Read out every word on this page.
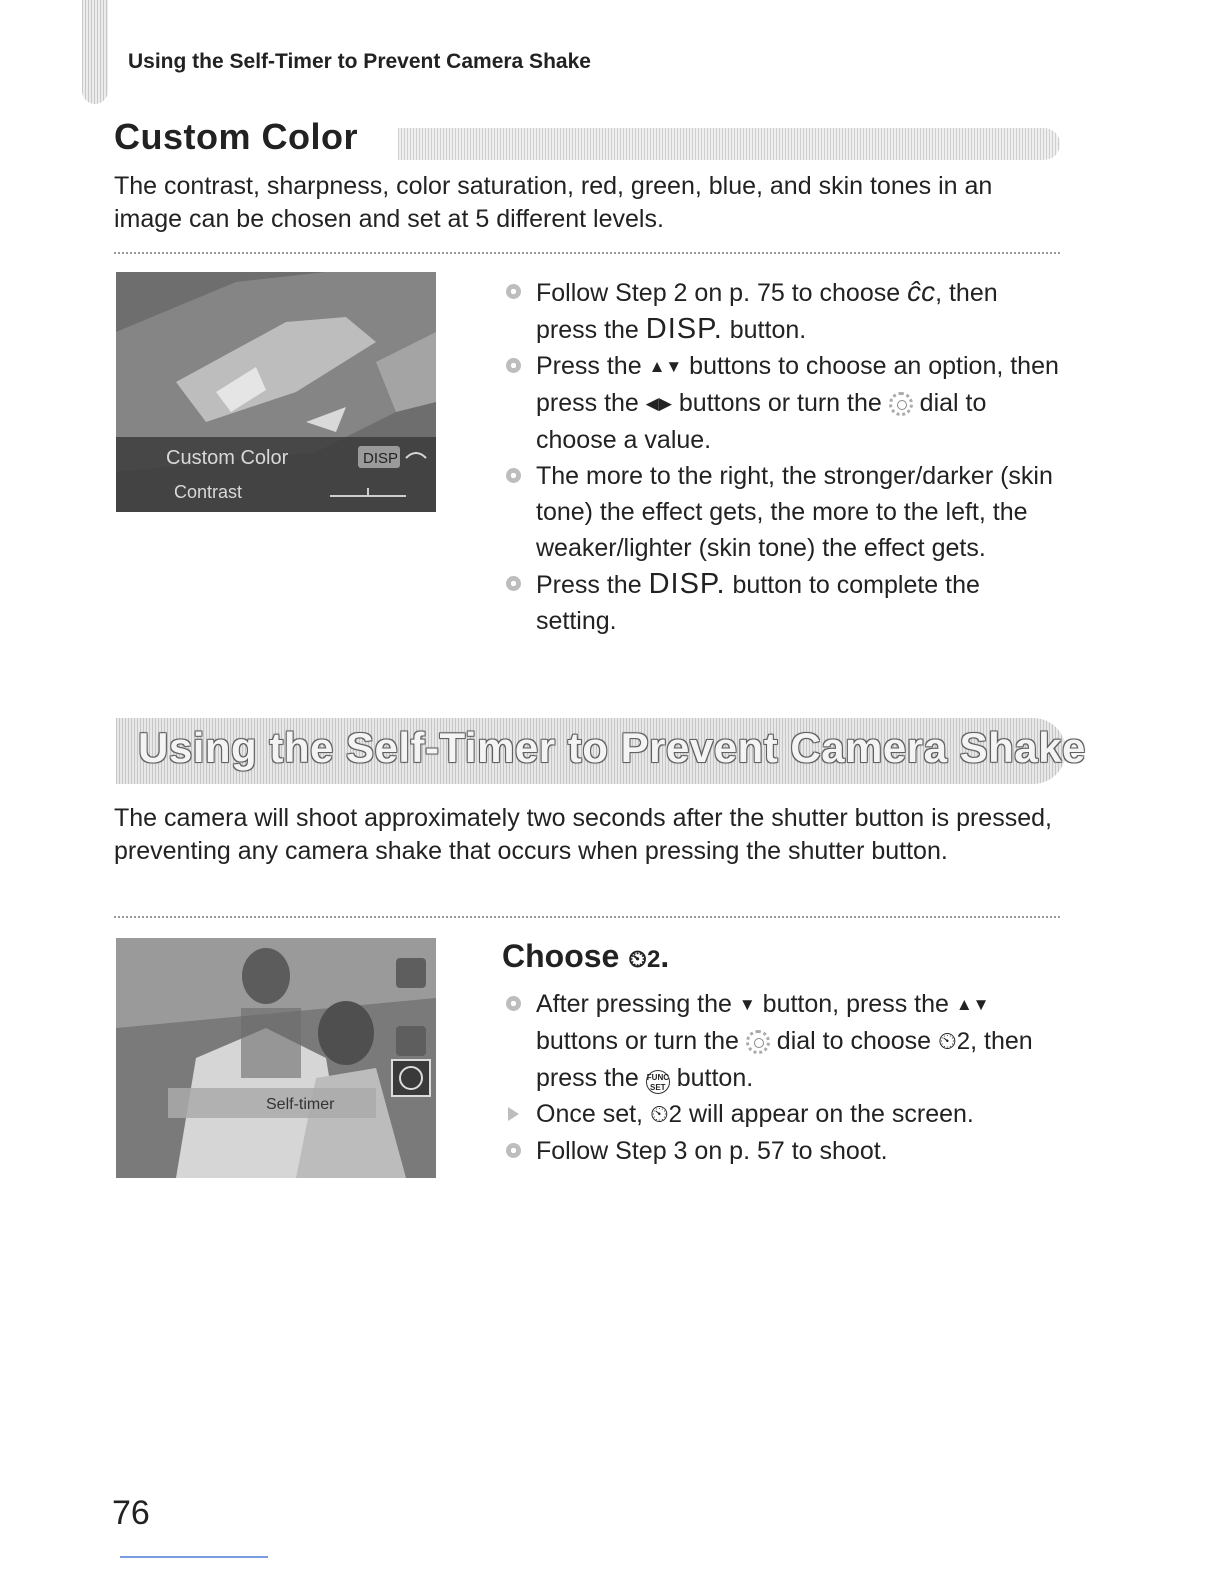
Using the Self-Timer to Prevent Camera Shake
Custom Color
The contrast, sharpness, color saturation, red, green, blue, and skin tones in an image can be chosen and set at 5 different levels.
Custom Color
Contrast
DISP
Follow Step 2 on p. 75 to choose ĉc, then press the DISP. button.
Press the ▲▼ buttons to choose an option, then press the ◀▶ buttons or turn the  dial to choose a value.
The more to the right, the stronger/darker (skin tone) the effect gets, the more to the left, the weaker/lighter (skin tone) the effect gets.
Press the DISP. button to complete the setting.
Using the Self-Timer to Prevent Camera Shake
The camera will shoot approximately two seconds after the shutter button is pressed, preventing any camera shake that occurs when pressing the shutter button.
Self-timer
Choose ⏲2.
After pressing the ▼ button, press the ▲▼ buttons or turn the  dial to choose ⏲2, then press the FUNC
SET button.
Once set, ⏲2 will appear on the screen.
Follow Step 3 on p. 57 to shoot.
76
